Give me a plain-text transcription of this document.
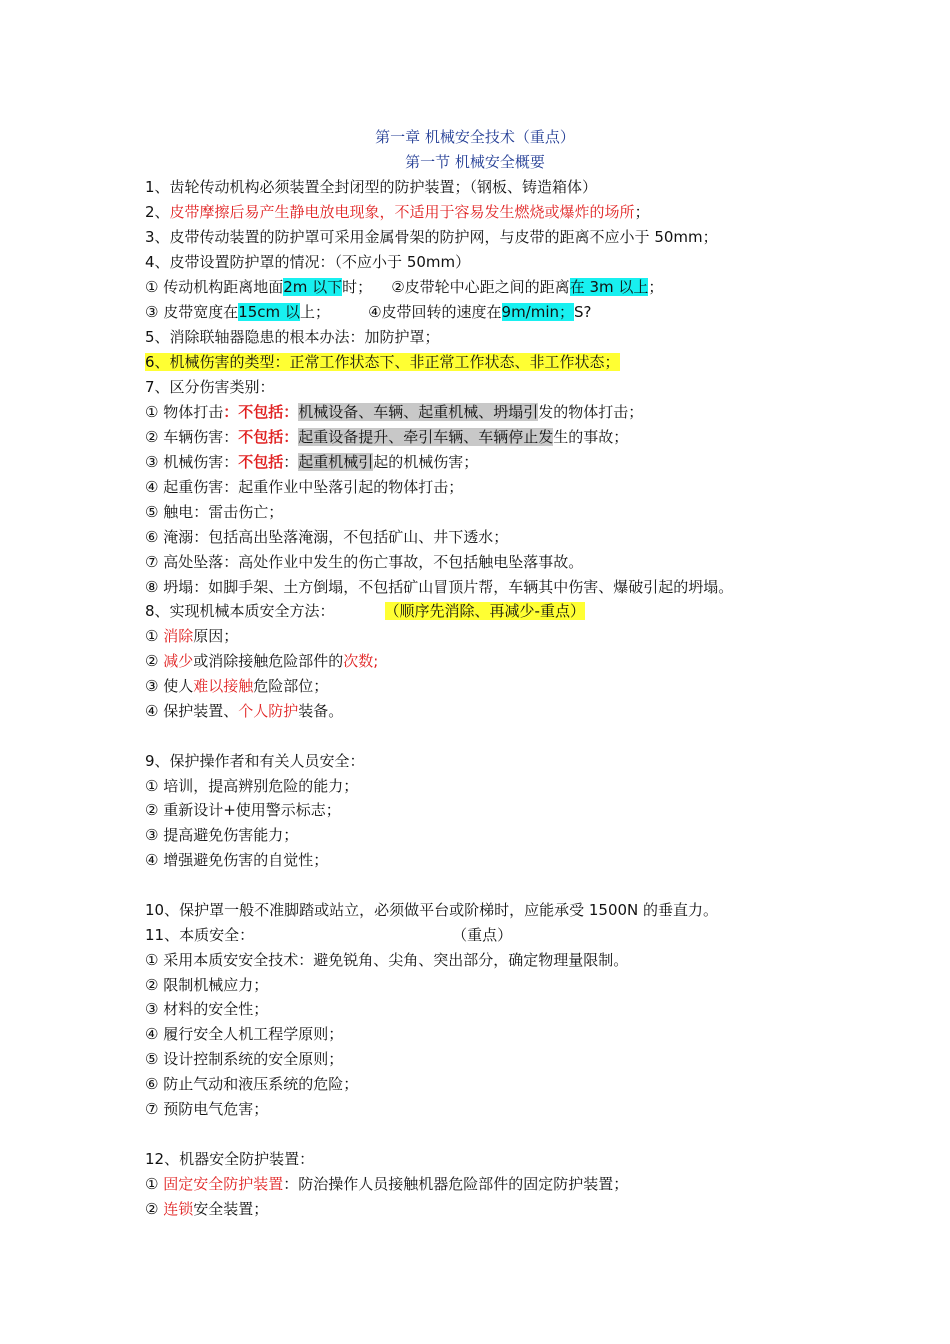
第一章 机械安全技术（重点）
第一节 机械安全概要
1、齿轮传动机构必须装置全封闭型的防护装置；（钢板、铸造箱体）
2、皮带摩擦后易产生静电放电现象，不适用于容易发生燃烧或爆炸的场所；
3、皮带传动装置的防护罩可采用金属骨架的防护网，与皮带的距离不应小于 50mm；
4、皮带设置防护罩的情况：（不应小于 50mm）
① 传动机构距离地面2m 以下时；    ②皮带轮中心距之间的距离在 3m 以上；
③ 皮带宽度在15cm 以上；        ④皮带回转的速度在9m/min；S?
5、消除联轴器隐患的根本办法：加防护罩；
6、机械伤害的类型：正常工作状态下、非正常工作状态、非工作状态；
7、区分伤害类别：
① 物体打击：不包括：机械设备、车辆、起重机械、坍塌引发的物体打击；
② 车辆伤害：不包括：起重设备提升、牵引车辆、车辆停止发生的事故；
③ 机械伤害：不包括：起重机械引起的机械伤害；
④ 起重伤害：起重作业中坠落引起的物体打击；
⑤ 触电：雷击伤亡；
⑥ 淹溺：包括高出坠落淹溺，不包括矿山、井下透水；
⑦ 高处坠落：高处作业中发生的伤亡事故，不包括触电坠落事故。
⑧ 坍塌：如脚手架、土方倒塌，不包括矿山冒顶片帮，车辆其中伤害、爆破引起的坍塌。
8、实现机械本质安全方法：	（顺序先消除、再减少-重点）
① 消除原因；
② 减少或消除接触危险部件的次数;
③ 使人难以接触危险部位；
④ 保护装置、个人防护装备。
9、保护操作者和有关人员安全：
① 培训，提高辨别危险的能力；
② 重新设计+使用警示标志；
③ 提高避免伤害能力；
④ 增强避免伤害的自觉性；
10、保护罩一般不准脚踏或站立，必须做平台或阶梯时，应能承受 1500N 的垂直力。
11、本质安全：	（重点）
① 采用本质安安全技术：避免锐角、尖角、突出部分，确定物理量限制。
② 限制机械应力；
③ 材料的安全性；
④ 履行安全人机工程学原则；
⑤ 设计控制系统的安全原则；
⑥ 防止气动和液压系统的危险；
⑦ 预防电气危害；
12、机器安全防护装置：
① 固定安全防护装置：防治操作人员接触机器危险部件的固定防护装置；
② 连锁安全装置；
